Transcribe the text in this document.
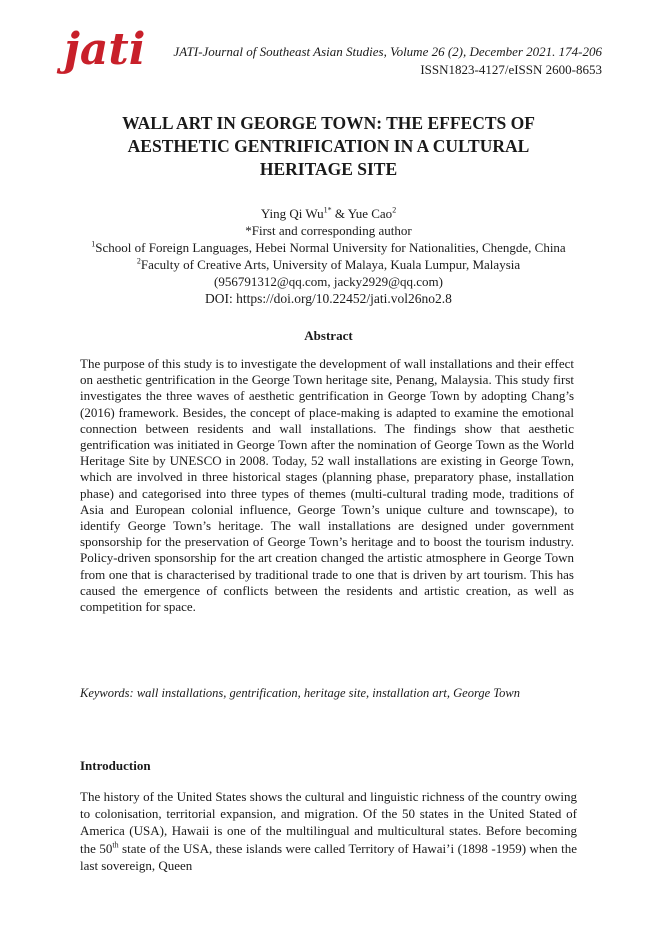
jati	JATI-Journal of Southeast Asian Studies, Volume 26 (2), December 2021. 174-206
ISSN1823-4127/eISSN 2600-8653
WALL ART IN GEORGE TOWN: THE EFFECTS OF
AESTHETIC GENTRIFICATION IN A CULTURAL
HERITAGE SITE
Ying Qi $Wu^{1*}$ & Yue Cao$^2$
*First and corresponding author
$^1$School of Foreign Languages, Hebei Normal University for Nationalities, Chengde, China
$^2$Faculty of Creative Arts, University of Malaya, Kuala Lumpur, Malaysia
(956791312@qq.com, jacky2929@qq.com)
DOI: https://doi.org/10.22452/jati.vol26no2.8
Abstract

The purpose of this study is to investigate the development of wall installations and their effect on aesthetic gentrification in the George Town heritage site, Penang, Malaysia. This study first investigates the three waves of aesthetic gentrification in George Town by adopting Chang’s (2016) framework. Besides, the concept of place-making is adapted to examine the emotional connection between residents and wall installations. The findings show that aesthetic gentrification was initiated in George Town after the nomination of George Town as the World Heritage Site by UNESCO in 2008. Today, 52 wall installations are existing in George Town, which are involved in three historical stages (planning phase, preparatory phase, installation phase) and categorised into three types of themes (multi-cultural trading mode, traditions of Asia and European colonial influence, George Town’s unique culture and townscape), to identify George Town’s heritage. The wall installations are designed under government sponsorship for the preservation of George Town’s heritage and to boost the tourism industry. Policy-driven sponsorship for the art creation changed the artistic atmosphere in George Town from one that is characterised by traditional trade to one that is driven by art tourism. This has caused the emergence of conflicts between the residents and artistic creation, as well as competition for space.

Keywords: wall installations, gentrification, heritage site, installation art, George Town

Introduction

The history of the United States shows the cultural and linguistic richness of the country owing to colonisation, territorial expansion, and migration. Of the 50 states in the United Stated of America (USA), Hawaii is one of the multilingual and multicultural states. Before becoming the 50th state of the USA, these islands were called Territory of Hawai’i (1898 -1959) when the last sovereign, Queen
